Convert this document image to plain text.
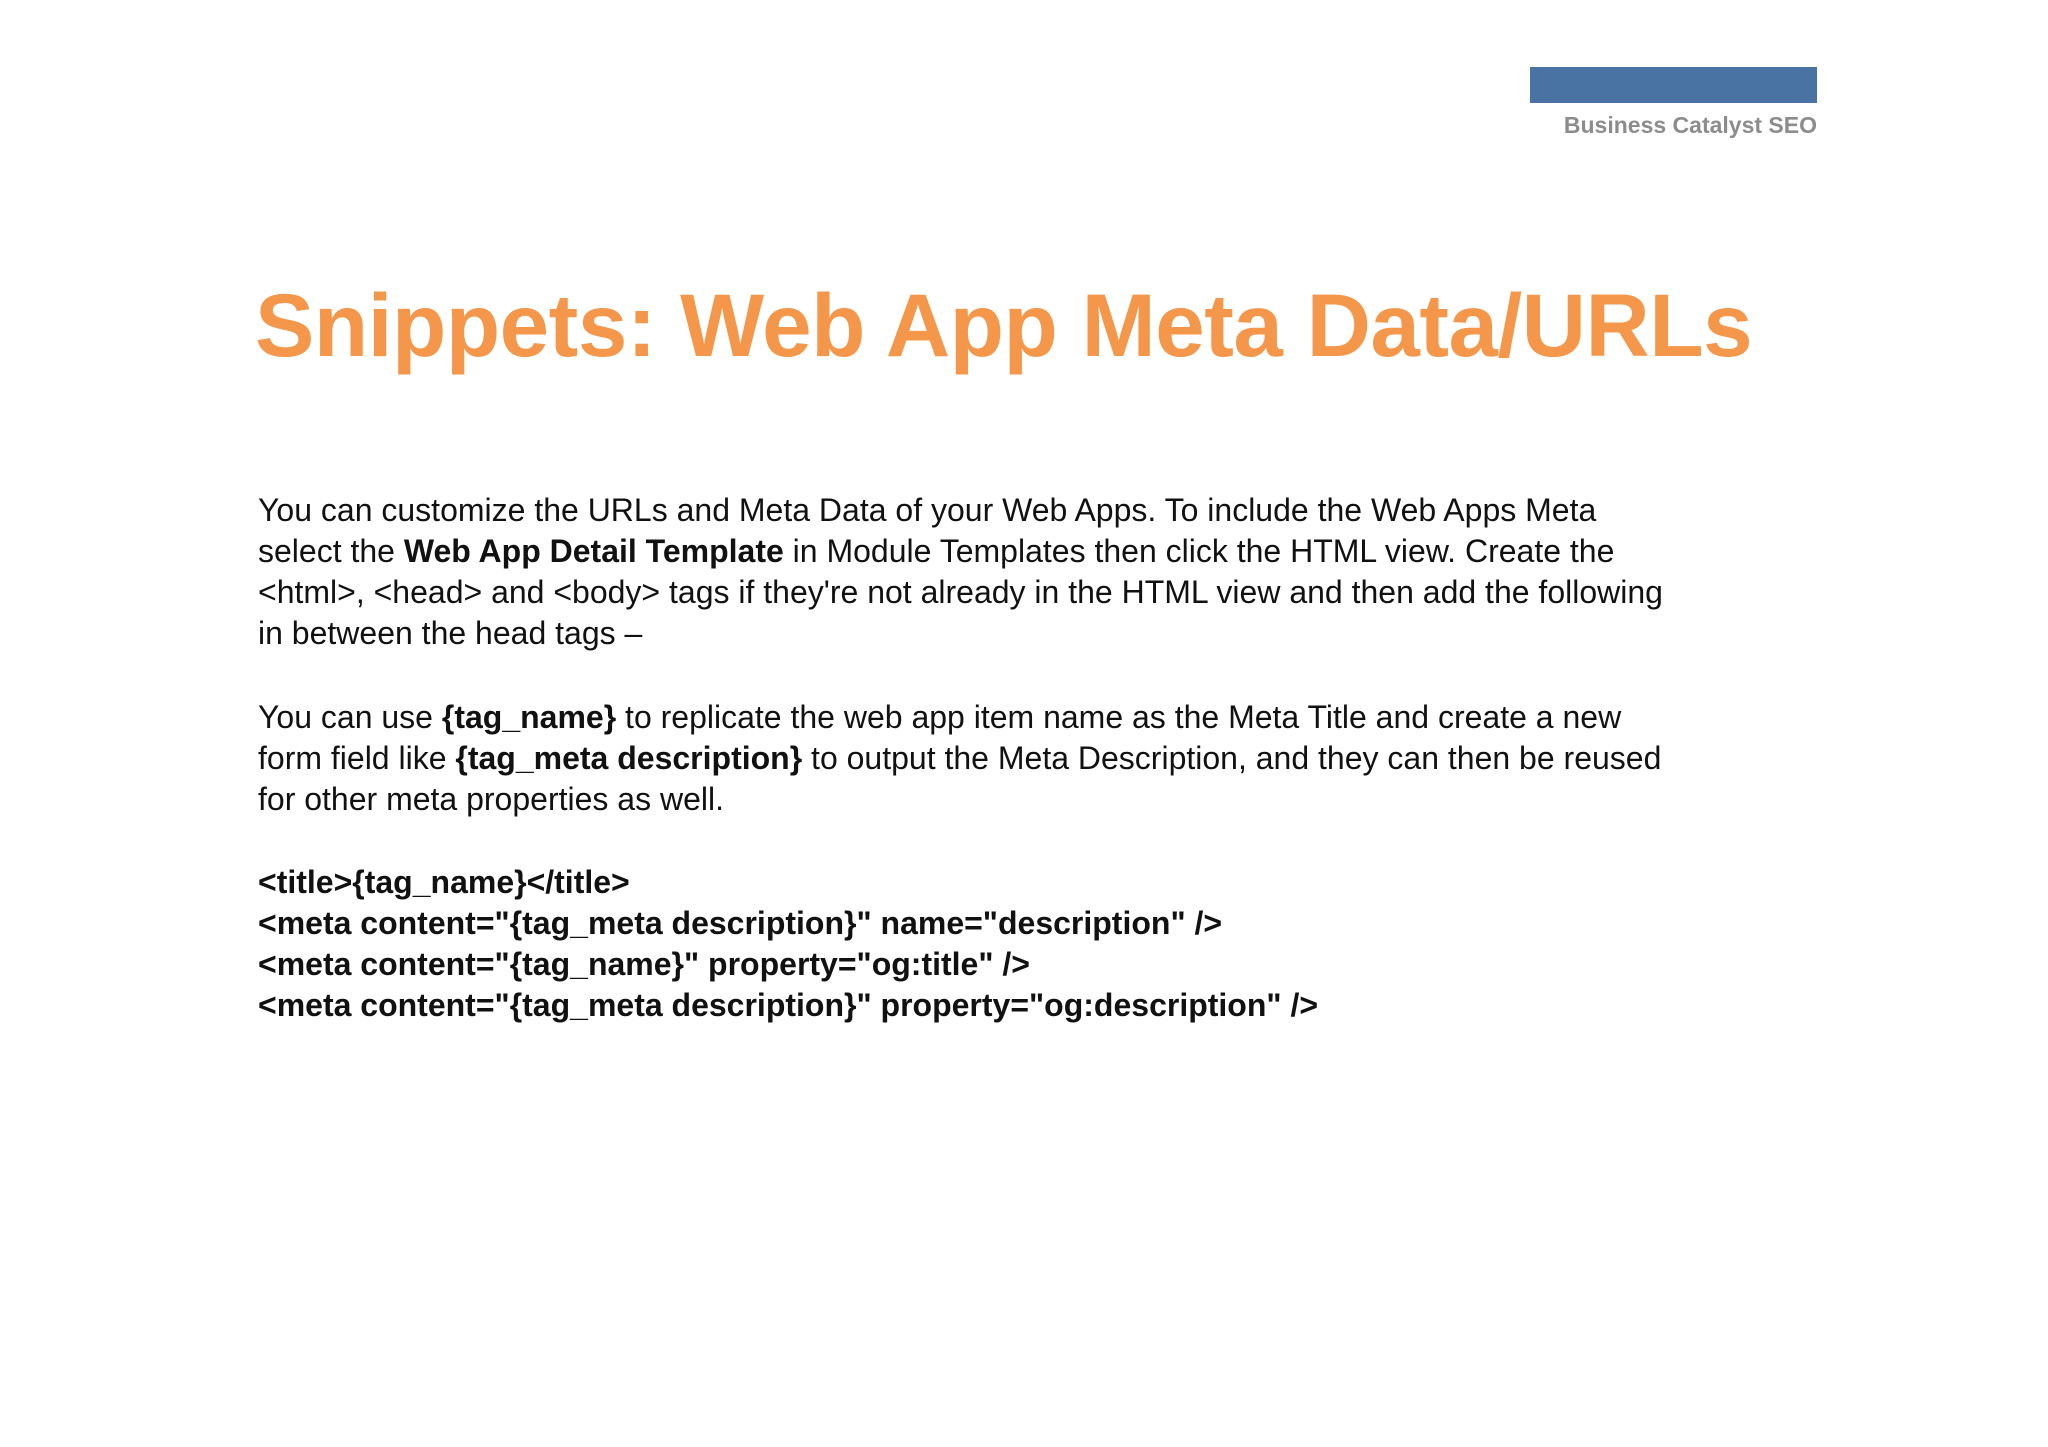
Business Catalyst SEO
Snippets: Web App Meta Data/URLs
You can customize the URLs and Meta Data of your Web Apps. To include the Web Apps Meta
select the Web App Detail Template in Module Templates then click the HTML view. Create the
<html>, <head> and <body> tags if they're not already in the HTML view and then add the following
in between the head tags –
You can use {tag_name} to replicate the web app item name as the Meta Title and create a new
form field like {tag_meta description} to output the Meta Description, and they can then be reused
for other meta properties as well.
<title>{tag_name}</title>
<meta content="{tag_meta description}" name="description" />
<meta content="{tag_name}" property="og:title" />
<meta content="{tag_meta description}" property="og:description" />
